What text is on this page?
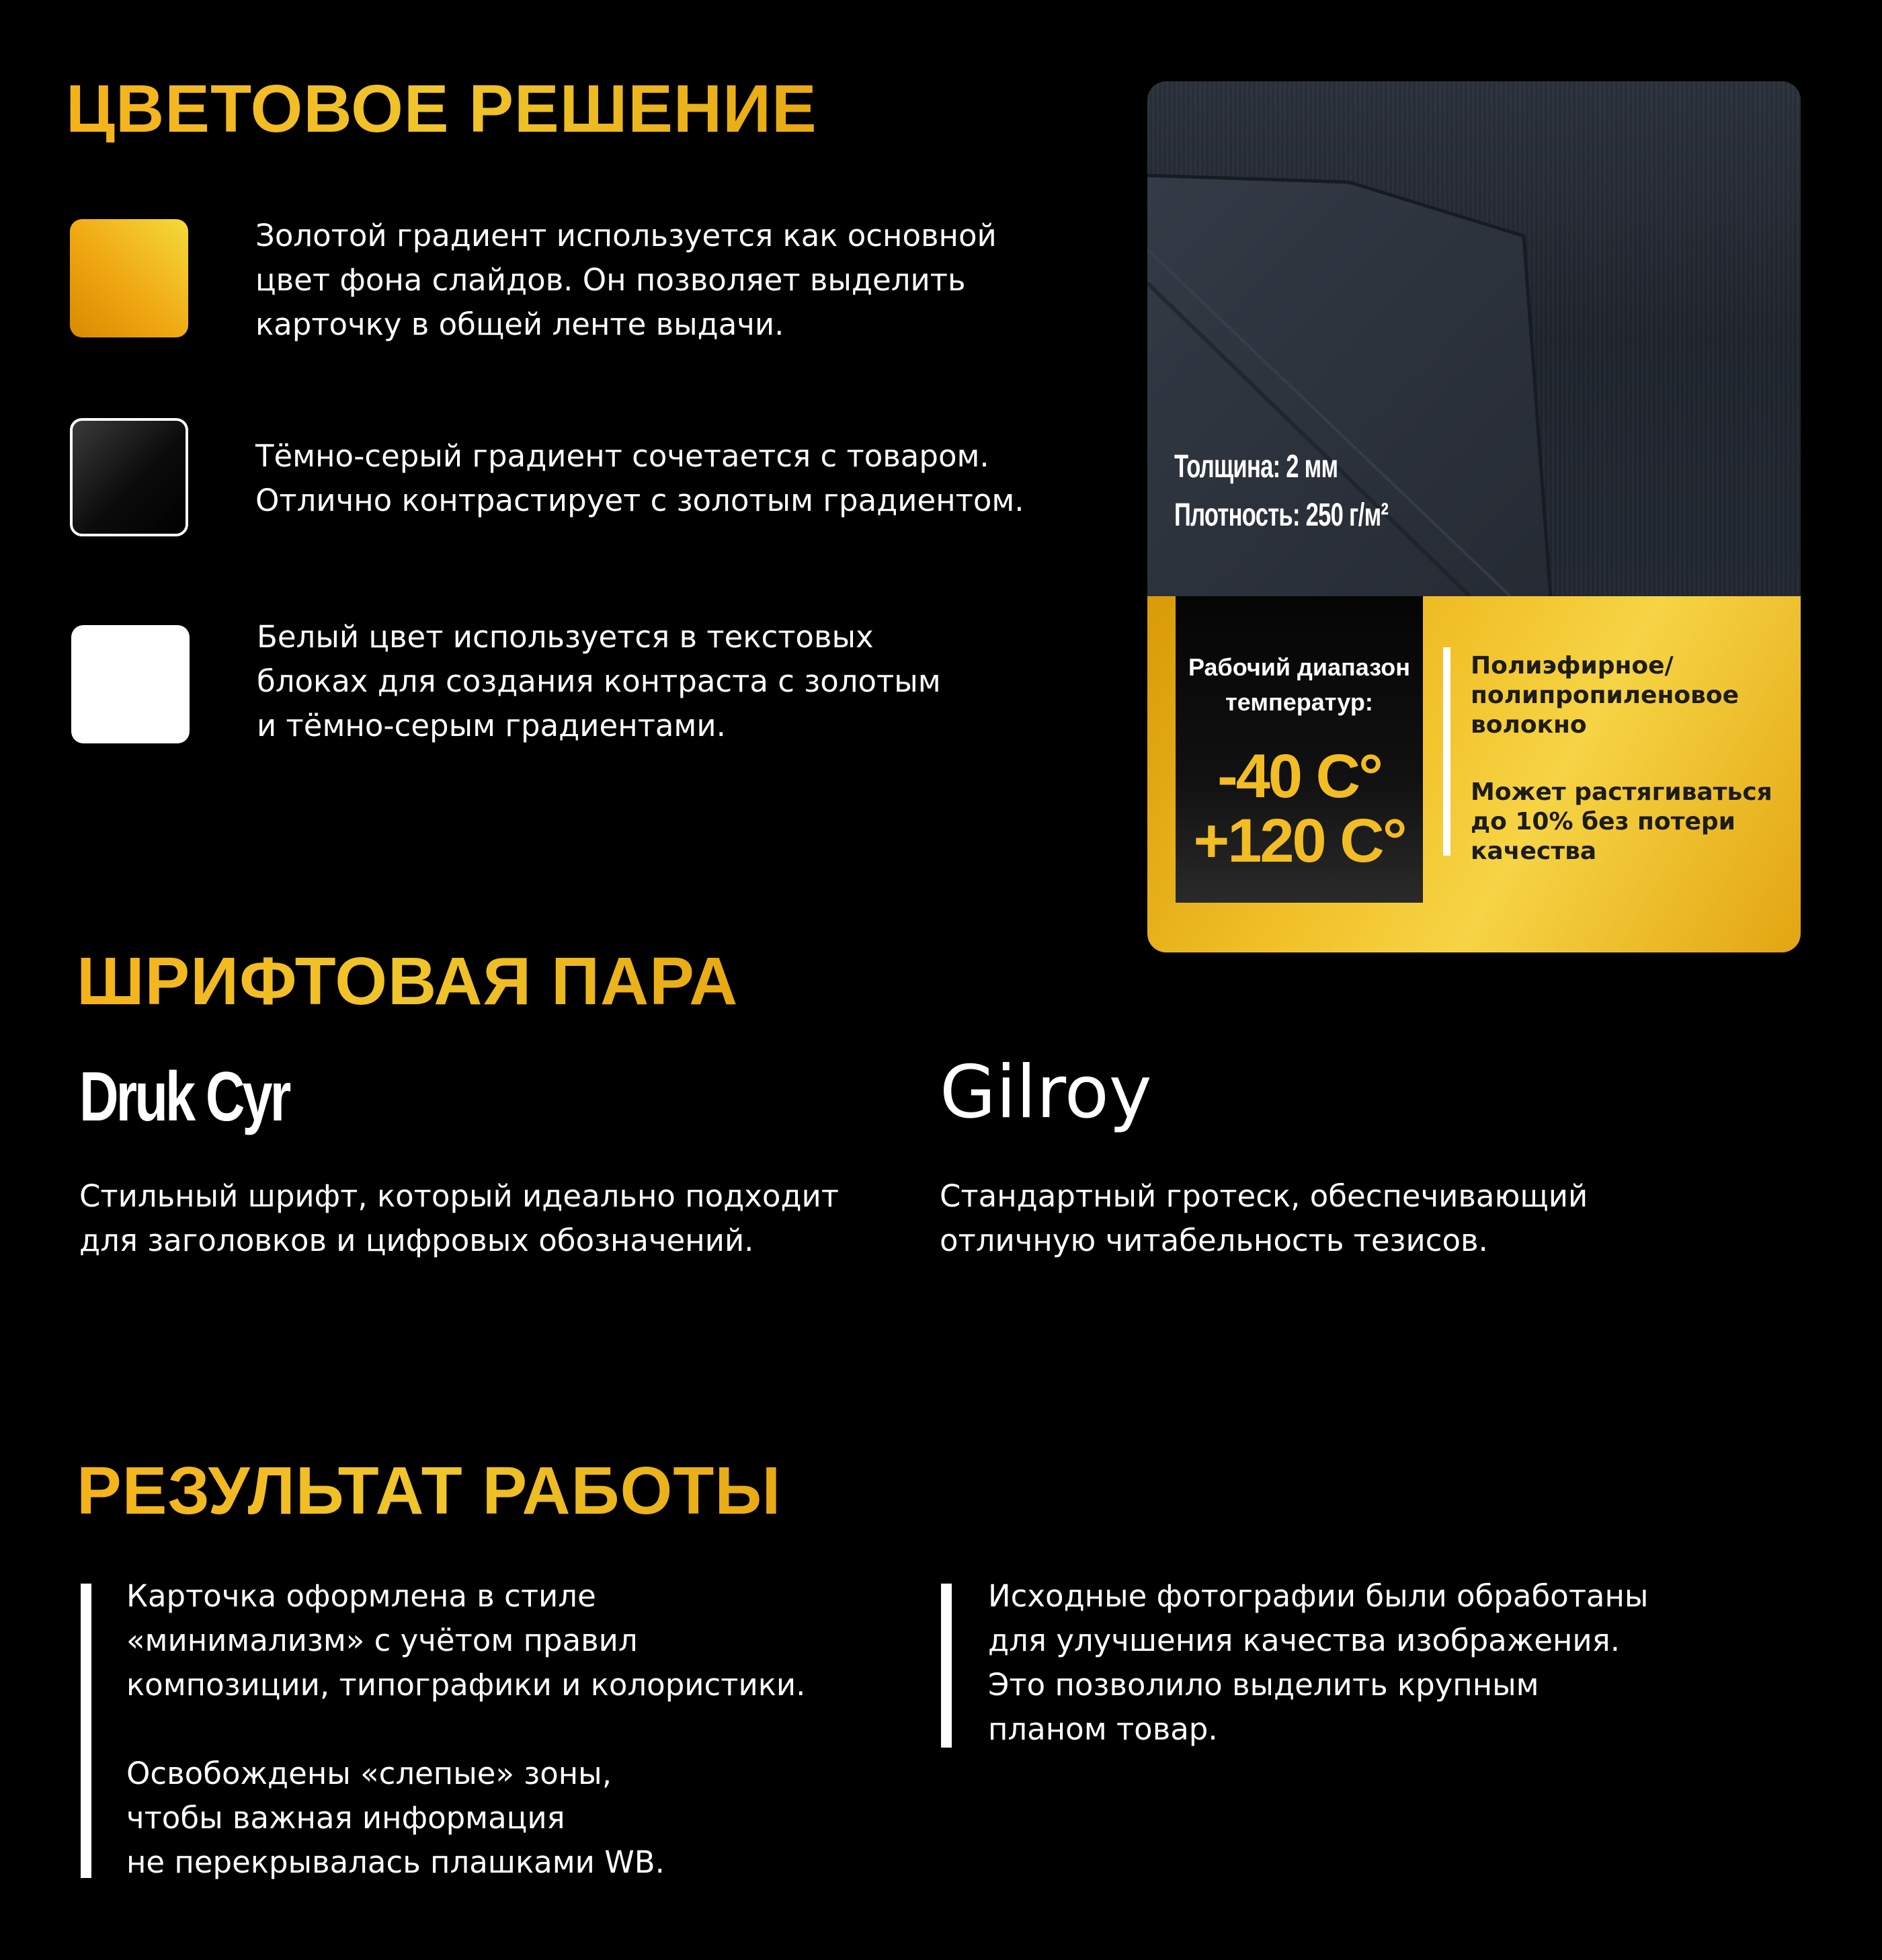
ЦВЕТОВОЕ РЕШЕНИЕ
Золотой градиент используется как основной
цвет фона слайдов. Он позволяет выделить
карточку в общей ленте выдачи.
Тёмно-серый градиент сочетается с товаром.
Отлично контрастирует с золотым градиентом.
Белый цвет используется в текстовых
блоках для создания контраста с золотым
и тёмно-серым градиентами.
Толщина: 2 мм
Плотность: 250 г/м²
Рабочий диапазон
температур:
-40 C°
+120 C°
Полиэфирное/
полипропиленовое
волокно
Может растягиваться
до 10% без потери
качества
ШРИФТОВАЯ ПАРА
Druk Cyr
Стильный шрифт, который идеально подходит
для заголовков и цифровых обозначений.
Gilroy
Стандартный гротеск, обеспечивающий
отличную читабельность тезисов.
РЕЗУЛЬТАТ РАБОТЫ
Карточка оформлена в стиле
«минимализм» с учётом правил
композиции, типографики и колористики.
Освобождены «слепые» зоны,
чтобы важная информация
не перекрывалась плашками WB.
Исходные фотографии были обработаны
для улучшения качества изображения.
Это позволило выделить крупным
планом товар.
